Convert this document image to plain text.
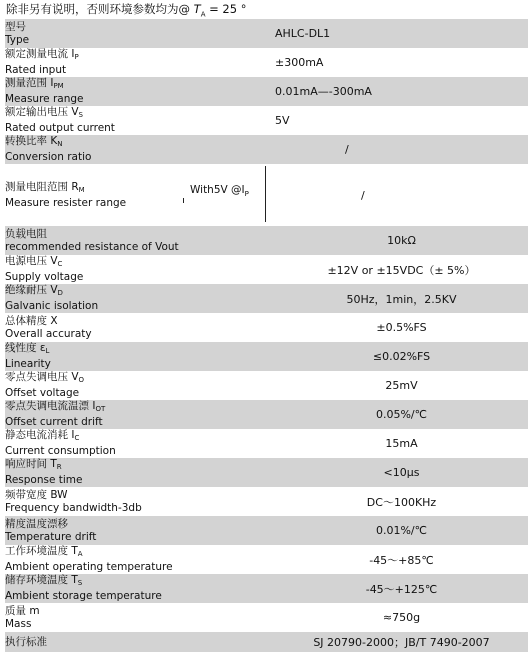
除非另有说明，否则环境参数均为@ $T_A = 25$ °
型号
Type		AHLC-DL1

额定测量电流 $I_P$
Rated input		±300mA

测量范围 $I_{PM}$
Measure range		0.01mA—-300mA

额定输出电压 $V_S$
Rated output current		5V

转换比率 $K_N$
Conversion ratio		/

测量电阻范围 $R_M$
Measure resister range	With5V $@I_P$	/

负载电阻
recommended resistance of Vout		10kΩ

电源电压 $V_C$
Supply voltage		±12V or ±15VDC（± 5%）

绝缘耐压 $V_D$
Galvanic isolation		50Hz，1min，2.5KV

总体精度 X
Overall accuraty		±0.5%FS

线性度 $\varepsilon_L$
Linearity		≤0.02%FS

零点失调电压 $V_O$
Offset voltage		25mV

零点失调电流温漂 $I_{OT}$
Offset current drift		0.05%/℃

静态电流消耗 $I_C$
Current consumption		15mA

响应时间 $T_R$
Response time		<10μs

频带宽度 BW
Frequency bandwidth-3db		DC～100KHz

精度温度漂移
Temperature drift		0.01%/℃

工作环境温度 $T_A$
Ambient operating temperature		-45～+85℃

储存环境温度 $T_S$
Ambient storage temperature		-45～+125℃

质量 m
Mass		≈750g

执行标准		SJ 20790-2000；JB/T 7490-2007
